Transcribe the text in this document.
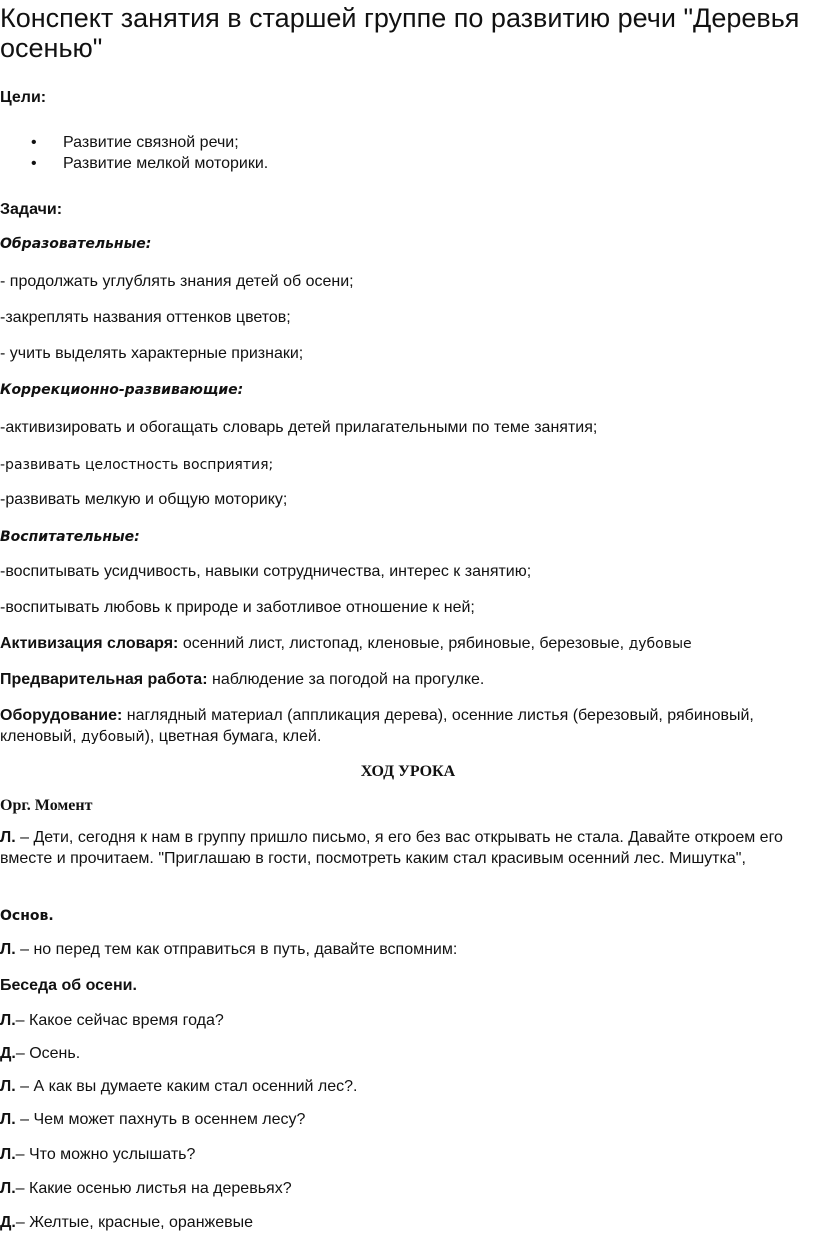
Конспект занятия в старшей группе по развитию речи "Деревья осенью"
Цели:
• Развитие связной речи;
• Развитие мелкой моторики.
Задачи:
Образовательные:
- продолжать углублять знания детей об осени;
-закреплять названия оттенков цветов;
- учить выделять характерные признаки;
Коррекционно-развивающие:
-активизировать и обогащать словарь детей прилагательными по теме занятия;
-развивать целостность восприятия;
-развивать мелкую и общую моторику;
Воспитательные:
-воспитывать усидчивость, навыки сотрудничества, интерес к занятию;
-воспитывать любовь к природе и заботливое отношение к ней;
Активизация словаря: осенний лист, листопад, кленовые, рябиновые, березовые, дубовые
Предварительная работа: наблюдение за погодой на прогулке.
Оборудование: наглядный материал (аппликация дерева), осенние листья (березовый, рябиновый, кленовый, дубовый), цветная бумага, клей.
ХОД УРОКА
Орг. Момент
Л. – Дети, сегодня к нам в группу пришло письмо, я его без вас открывать не стала. Давайте откроем его вместе и прочитаем. "Приглашаю в гости, посмотреть каким стал красивым осенний лес. Мишутка",
Основ.
Л. – но перед тем как отправиться в путь, давайте вспомним:
Беседа об осени.
Л.– Какое сейчас время года?
Д.– Осень.
Л. – А как вы думаете каким стал осенний лес?.
Л. – Чем может пахнуть в осеннем лесу?
Л.– Что можно услышать?
Л.– Какие осенью листья на деревьях?
Д.– Желтые, красные, оранжевые
